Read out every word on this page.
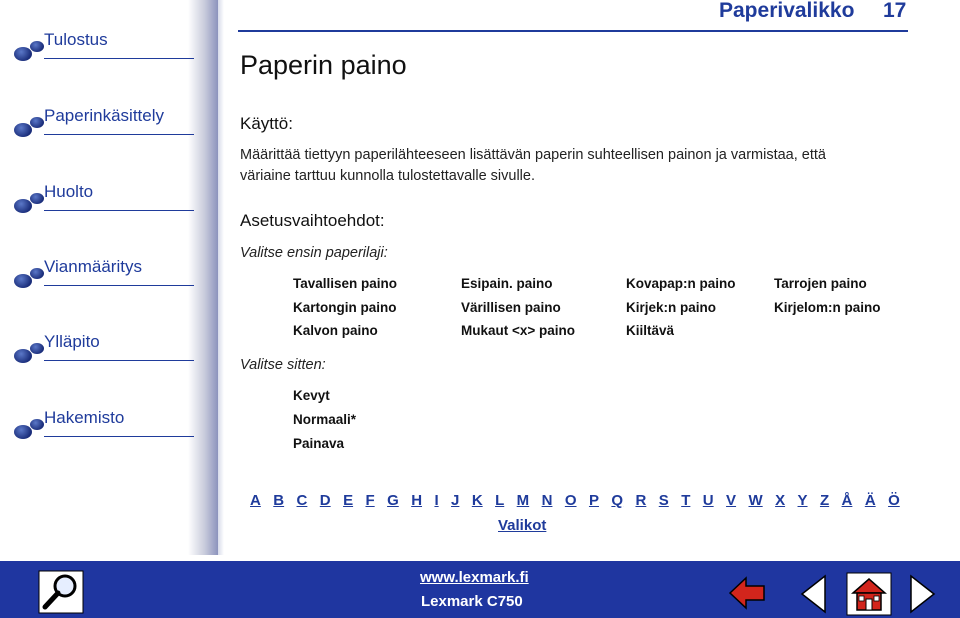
Paperivalikko 17
Tulostus
Paperinkäsittely
Huolto
Vianmääritys
Ylläpito
Hakemisto
Paperin paino
Käyttö:
Määrittää tiettyyn paperilähteeseen lisättävän paperin suhteellisen painon ja varmistaa, että
väriaine tarttuu kunnolla tulostettavalle sivulle.
Asetusvaihtoehdot:
Valitse ensin paperilaji:
Tavallisen paino	Esipain. paino	Kovapap:n paino	Tarrojen paino
Kartongin paino	Värillisen paino	Kirjek:n paino	Kirjelom:n paino
Kalvon paino	Mukaut <x> paino	Kiiltävä
Valitse sitten:
Kevyt
Normaali*
Painava
A B C D E F G H I J K L M N O P Q R S T U V W X Y Z Å Ä Ö
Valikot
www.lexmark.fi
Lexmark C750
